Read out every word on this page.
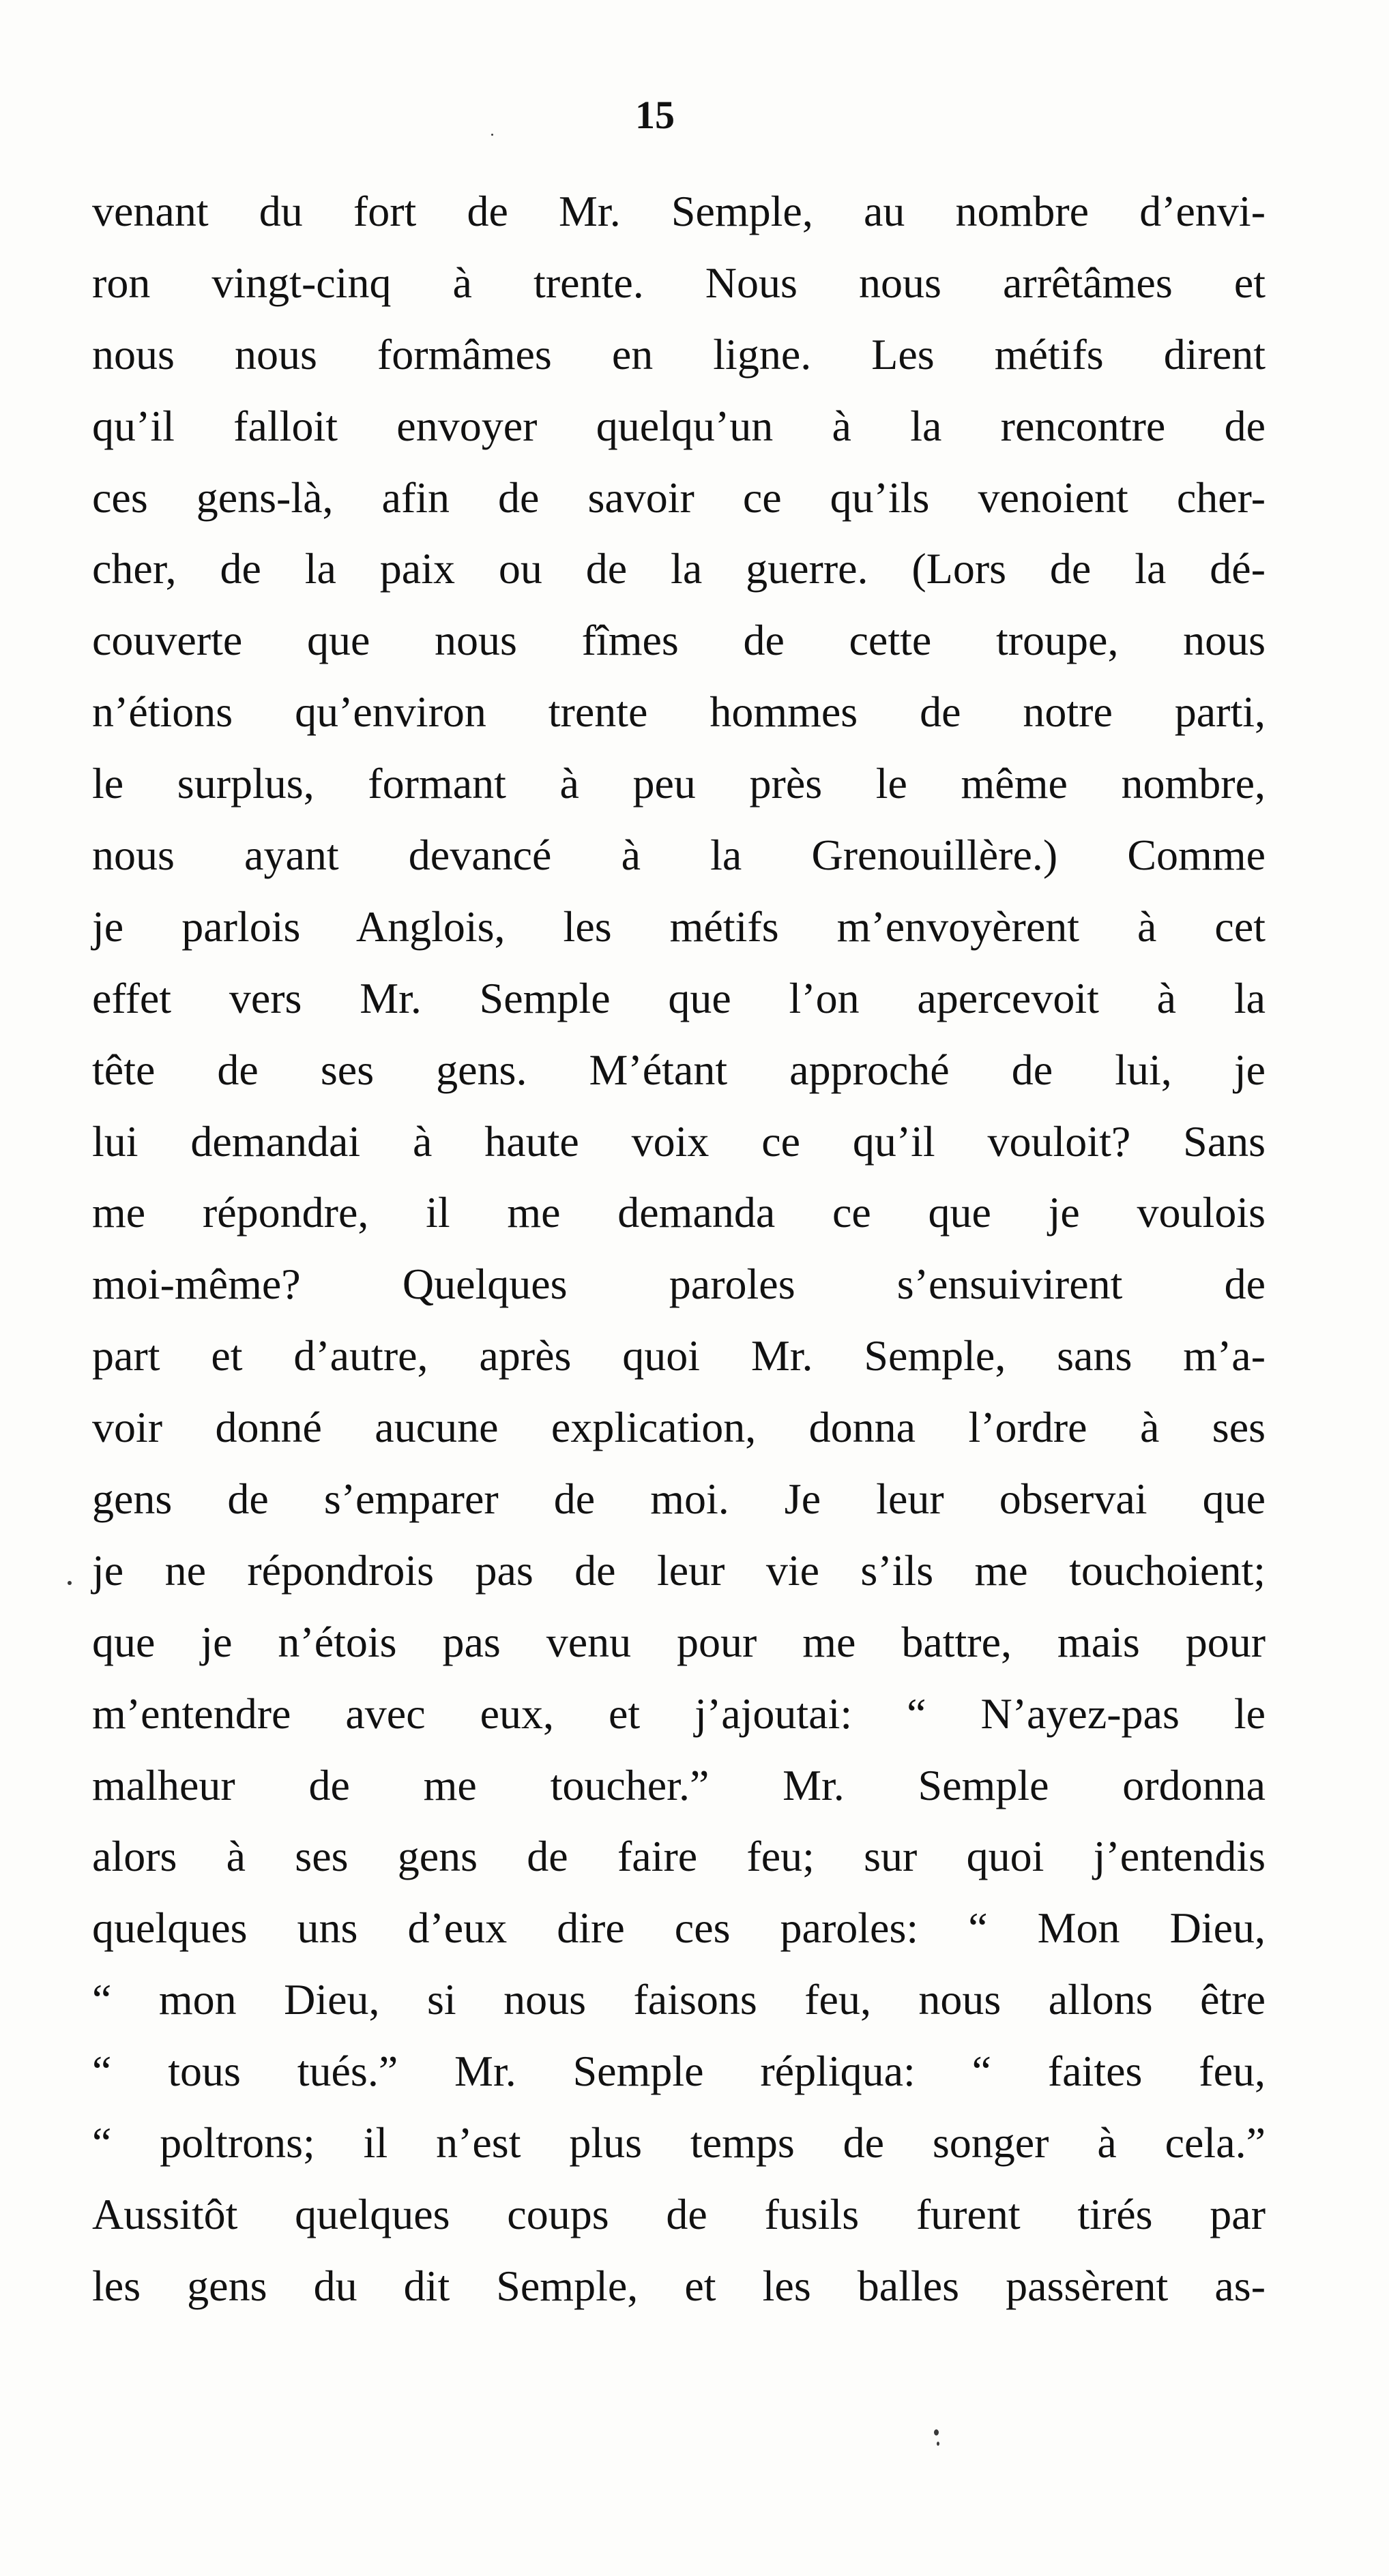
15
venant du fort de Mr. Semple, au nombre d’envi-
ron vingt-cinq à trente. Nous nous arrêtâmes et
nous nous formâmes en ligne. Les métifs dirent
qu’il falloit envoyer quelqu’un à la rencontre de
ces gens-là, afin de savoir ce qu’ils venoient cher-
cher, de la paix ou de la guerre. (Lors de la dé-
couverte que nous fîmes de cette troupe, nous
n’étions qu’environ trente hommes de notre parti,
le surplus, formant à peu près le même nombre,
nous ayant devancé à la Grenouillère.) Comme
je parlois Anglois, les métifs m’envoyèrent à cet
effet vers Mr. Semple que l’on apercevoit à la
tête de ses gens. M’étant approché de lui, je
lui demandai à haute voix ce qu’il vouloit? Sans
me répondre, il me demanda ce que je voulois
moi-même? Quelques paroles s’ensuivirent de
part et d’autre, après quoi Mr. Semple, sans m’a-
voir donné aucune explication, donna l’ordre à ses
gens de s’emparer de moi. Je leur observai que
je ne répondrois pas de leur vie s’ils me touchoient;
que je n’étois pas venu pour me battre, mais pour
m’entendre avec eux, et j’ajoutai: “ N’ayez-pas le
malheur de me toucher.” Mr. Semple ordonna
alors à ses gens de faire feu; sur quoi j’entendis
quelques uns d’eux dire ces paroles: “ Mon Dieu,
“ mon Dieu, si nous faisons feu, nous allons être
“ tous tués.” Mr. Semple répliqua: “ faites feu,
“ poltrons; il n’est plus temps de songer à cela.”
Aussitôt quelques coups de fusils furent tirés par
les gens du dit Semple, et les balles passèrent as-
